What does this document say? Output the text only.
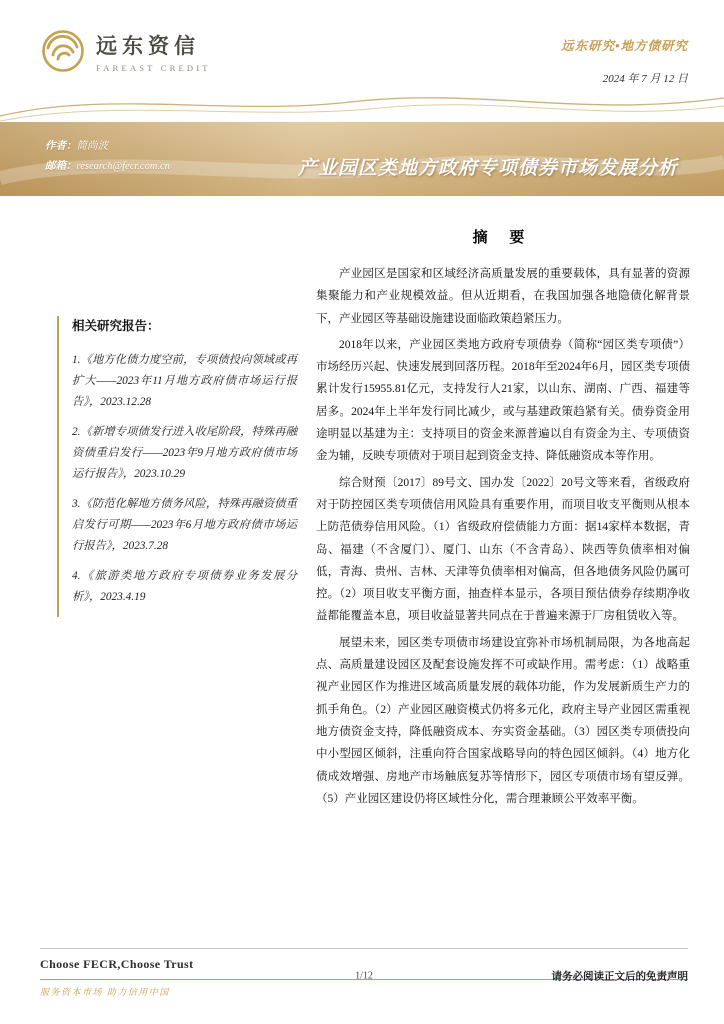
远东资信
FAREAST CREDIT
远东研究•地方债研究
2024 年 7 月 12 日
作者：简尚波
邮箱：research@fecr.com.cn	产业园区类地方政府专项债券市场发展分析
相关研究报告：

1.《地方化债力度空前，专项债投向领域或再扩大——2023年11月地方政府债市场运行报告》，2023.12.28

2.《新增专项债发行进入收尾阶段，特殊再融资债重启发行——2023年9月地方政府债市场运行报告》，2023.10.29

3.《防范化解地方债务风险，特殊再融资债重启发行可期——2023年6月地方政府债市场运行报告》，2023.7.28

4.《旅游类地方政府专项债券业务发展分析》，2023.4.19

摘 要

产业园区是国家和区域经济高质量发展的重要载体，具有显著的资源集聚能力和产业规模效益。但从近期看，在我国加强各地隐债化解背景下，产业园区等基础设施建设面临政策趋紧压力。

2018年以来，产业园区类地方政府专项债券（简称“园区类专项债”）市场经历兴起、快速发展到回落历程。2018年至2024年6月，园区类专项债累计发行15955.81亿元，支持发行人21家，以山东、湖南、广西、福建等居多。2024年上半年发行同比减少，或与基建政策趋紧有关。债券资金用途明显以基建为主：支持项目的资金来源普遍以自有资金为主、专项债资金为辅，反映专项债对于项目起到资金支持、降低融资成本等作用。

综合财预〔2017〕89号文、国办发〔2022〕20号文等来看，省级政府对于防控园区类专项债信用风险具有重要作用，而项目收支平衡则从根本上防范债券信用风险。（1）省级政府偿债能力方面：据14家样本数据，青岛、福建（不含厦门）、厦门、山东（不含青岛）、陕西等负债率相对偏低，青海、贵州、吉林、天津等负债率相对偏高，但各地债务风险仍属可控。（2）项目收支平衡方面，抽查样本显示，各项目预估债券存续期净收益都能覆盖本息，项目收益显著共同点在于普遍来源于厂房租赁收入等。

展望未来，园区类专项债市场建设宜弥补市场机制局限，为各地高起点、高质量建设园区及配套设施发挥不可或缺作用。需考虑：（1）战略重视产业园区作为推进区域高质量发展的载体功能，作为发展新质生产力的抓手角色。（2）产业园区融资模式仍将多元化，政府主导产业园区需重视地方债资金支持，降低融资成本、夯实资金基础。（3）园区类专项债投向中小型园区倾斜，注重向符合国家战略导向的特色园区倾斜。（4）地方化债成效增强、房地产市场触底复苏等情形下，园区专项债市场有望反弹。（5）产业园区建设仍将区域性分化，需合理兼顾公平效率平衡。

Choose FECR,Choose Trust
服务资本市场 助力信用中国
1/12	请务必阅读正文后的免责声明
